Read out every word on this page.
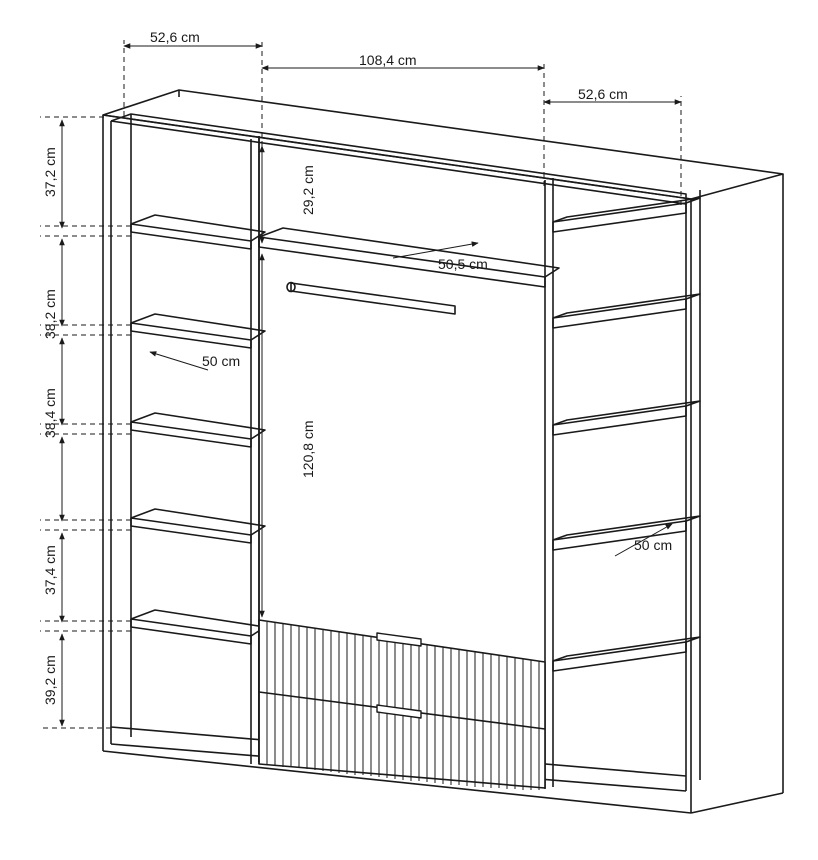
52,6 cm
108,4 cm
52,6 cm
37,2 cm
38,2 cm
38,4 cm
37,4 cm
39,2 cm
29,2 cm
120,8 cm
50,5 cm
50 cm
50 cm
